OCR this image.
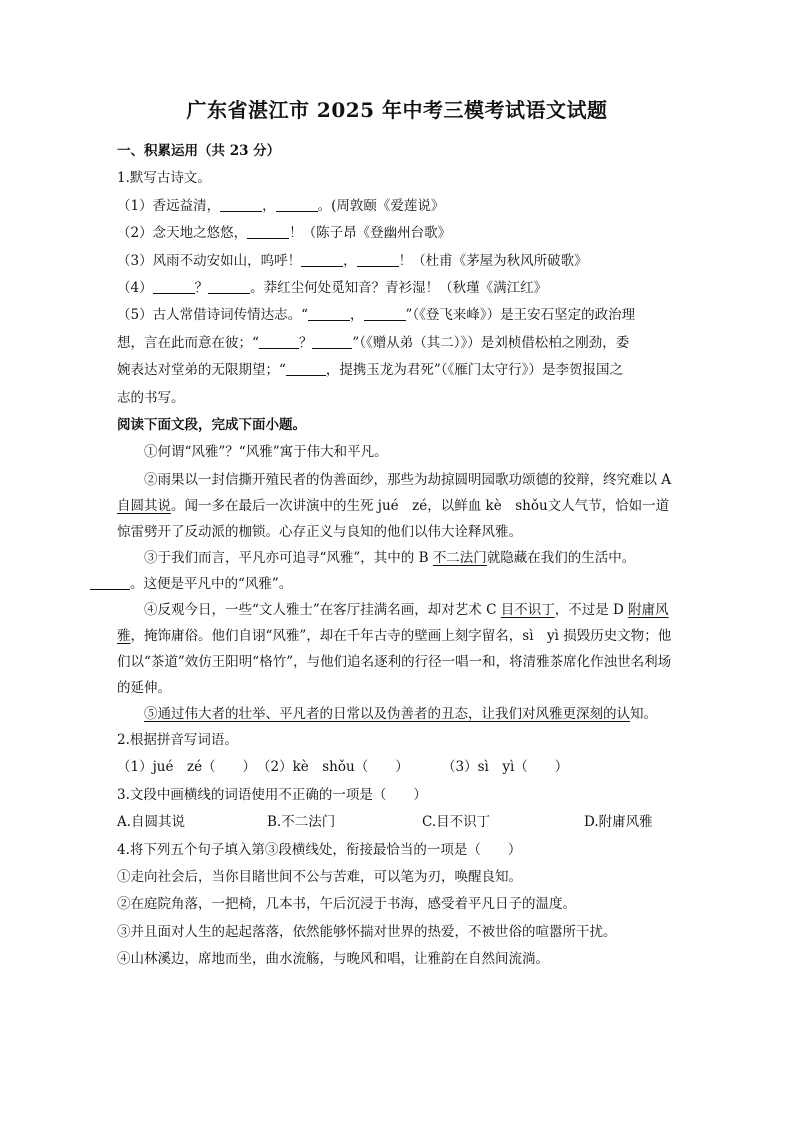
广东省湛江市 2025 年中考三模考试语文试题
一、积累运用（共 23 分）
1.默写古诗文。
（1）香远益清，	，	。(周敦颐《爱莲说》
（2）念天地之悠悠，	！（陈子昂《登幽州台歌》
（3）风雨不动安如山，呜呼！	，	！（杜甫《茅屋为秋风所破歌》
（4）	？	。莽红尘何处觅知音？青衫湿！（秋瑾《满江红》
（5）古人常借诗词传情达志。“	，	”（《登飞来峰》）是王安石坚定的政治理
想，言在此而意在彼；“	？	”（《赠从弟（其二）》）是刘桢借松柏之刚劲，委
婉表达对堂弟的无限期望；“	，提携玉龙为君死”（《雁门太守行》）是李贺报国之
志的书写。
阅读下面文段，完成下面小题。
①何谓“风雅”？“风雅”寓于伟大和平凡。
②雨果以一封信撕开殖民者的伪善面纱，那些为劫掠圆明园歌功颂德的狡辩，终究难以 A 自圆其说。闻一多在最后一次讲演中的生死 jué　zé，以鲜血 kè　shǒu文人气节，恰如一道惊雷劈开了反动派的枷锁。心存正义与良知的他们以伟大诠释风雅。
③于我们而言，平凡亦可追寻“风雅”，其中的 B 不二法门就隐藏在我们的生活中。
。这便是平凡中的“风雅”。
④反观今日，一些“文人雅士”在客厅挂满名画，却对艺术 C 目不识丁，不过是 D 附庸风雅，掩饰庸俗。他们自诩“风雅”，却在千年古寺的壁画上刻字留名，sì　yì 损毁历史文物；他们以“茶道”效仿王阳明“格竹”，与他们追名逐利的行径一唱一和，将清雅茶席化作浊世名利场的延伸。
⑤通过伟大者的壮举、平凡者的日常以及伪善者的丑态，让我们对风雅更深刻的认知。
2.根据拼音写词语。
（1）jué　zé（　　）（2）kè　shǒu（　　） （3）sì　yì（　　）
3.文段中画横线的词语使用不正确的一项是（　　）
A.自圆其说	B.不二法门	C.目不识丁	D.附庸风雅
4.将下列五个句子填入第③段横线处，衔接最恰当的一项是（　　）
①走向社会后，当你目睹世间不公与苦难，可以笔为刃，唤醒良知。
②在庭院角落，一把椅，几本书，午后沉浸于书海，感受着平凡日子的温度。
③并且面对人生的起起落落，依然能够怀揣对世界的热爱，不被世俗的喧嚣所干扰。
④山林溪边，席地而坐，曲水流觞，与晚风和唱，让雅韵在自然间流淌。
